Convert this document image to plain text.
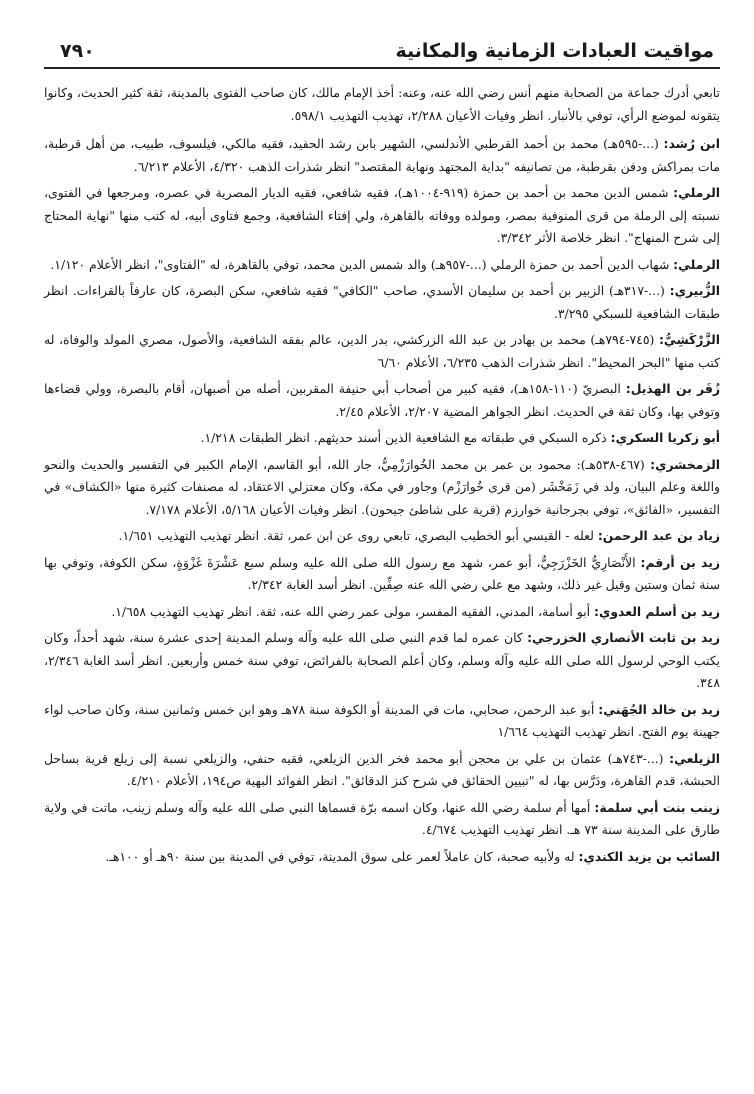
مواقيت العبادات الزمانية والمكانية
٧٩٠

تابعي أدرك جماعة من الصحابة منهم أنس رضي الله عنه، وعنه: أخذ الإمام مالك، كان صاحب الفتوى بالمدينة، ثقة كثير الحديث، وكانوا يتقونه لموضع الرأي، توفي بالأنبار. انظر وفيات الأعيان ٢/٢٨٨، تهذيب التهذيب ٥٩٨/١.

ابن رُشد: (...-٥٩٥هـ) محمد بن أحمد القرطبي الأندلسي، الشهير بابن رشد الحفيد، فقيه مالكي، فيلسوف، طبيب، من أهل قرطبة، مات بمراكش ودفن بقرطبة، من تصانيفه "بداية المجتهد ونهاية المقتصد" انظر شذرات الذهب ٤/٣٢٠، الأعلام ٦/٢١٣.

الرملي: شمس الدين محمد بن أحمد بن حمزة (٩١٩-١٠٠٤هـ)، فقيه شافعي، فقيه الديار المصرية في عصره، ومرجعها في الفتوى، نسبته إلى الرملة من قرى المنوفية بمصر، ومولده ووفاته بالقاهرة، ولي إفتاء الشافعية، وجمع فتاوى أبيه، له كتب منها "نهاية المحتاج إلى شرح المنهاج". انظر خلاصة الأثر ٣/٣٤٢.

الرملي: شهاب الدين أحمد بن حمزة الرملي (...-٩٥٧هـ) والد شمس الدين محمد، توفي بالقاهرة، له "الفتاوى"، انظر الأعلام ١/١٢٠.

الزُّبيري: (...-٣١٧هـ) الزبير بن أحمد بن سليمان الأسدي، صاحب "الكافي" فقيه شافعي، سكن البصرة، كان عارفاً بالقراءات. انظر طبقات الشافعية للسبكي ٣/٢٩٥.

الزَّرْكَشِيُّ: (٧٤٥-٧٩٤هـ) محمد بن بهادر بن عبد الله الزركشي، بدر الدين، عالم بفقه الشافعية، والأصول، مصري المولد والوفاة، له كتب منها "البحر المحيط". انظر شذرات الذهب ٦/٢٣٥، الأعلام ٦/٦٠

زُفَر بن الهذيل: البصريّ (١١٠-١٥٨هـ)، فقيه كبير من أصحاب أبي حنيفة المقربين، أصله من أصبهان، أقام بالبصرة، وولي قضاءها وتوفي بها، وكان ثقة في الحديث. انظر الجواهر المضية ٢/٢٠٧، الأعلام ٢/٤٥.

أبو زكريا السكري: ذكره السبكي في طبقاته مع الشافعية الذين أسند حديثهم. انظر الطبقات ١/٢١٨.

الزمخشري: (٤٦٧-٥٣٨هـ): محمود بن عمر بن محمد الخُوارَزْمِيُّ، جار الله، أبو القاسم، الإمام الكبير في التفسير والحديث والنحو واللغة وعلم البيان، ولد في زَمَخْشَر (من قرى خُوارَزْم) وجاور في مكة، وكان معتزلي الاعتقاد، له مصنفات كثيرة منها «الكشاف» في التفسير، «الفائق»، توفي بجرجانية خوارزم (قرية على شاطئ جيحون). انظر وفيات الأعيان ٥/١٦٨، الأعلام ٧/١٧٨.

زياد بن عبد الرحمن: لعله - القيسي أبو الخطيب البصري، تابعي روى عن ابن عمر، ثقة. انظر تهذيب التهذيب ١/٦٥١.

زيد بن أرقم: الأَنْصَارِيُّ الخَزْرَجِيُّ، أبو عمر، شهد مع رسول الله صلى الله عليه وسلم سبع عَشْرَةَ غَزْوَةٍ، سكن الكوفة، وتوفي بها سنة ثمان وستين وقيل غير ذلك، وشهد مع علي رضي الله عنه صِفِّين. انظر أسد الغابة ٢/٣٤٢.

زيد بن أسلم العدوي: أبو أسامة، المدني، الفقيه المفسر، مولى عمر رضي الله عنه، ثقة. انظر تهذيب التهذيب ١/٦٥٨.

زيد بن ثابت الأنصاري الخزرجي: كان عمره لما قدم النبي صلى الله عليه وآله وسلم المدينة إحدى عشرة سنة، شهد أحداً، وكان يكتب الوحي لرسول الله صلى الله عليه وآله وسلم، وكان أعلم الصحابة بالفرائض، توفي سنة خمس وأربعين. انظر أسد الغابة ٢/٣٤٦، ٣٤٨.

زيد بن خالد الجُهَني: أبو عبد الرحمن، صحابي، مات في المدينة أو الكوفة سنة ٧٨هـ وهو ابن خمس وثمانين سنة، وكان صاحب لواء جهينة يوم الفتح. انظر تهذيب التهذيب ١/٦٦٤

الزيلعي: (...-٧٤٣هـ) عثمان بن علي بن محجن أبو محمد فخر الدين الزيلعي، فقيه حنفي، والزيلعي نسبة إلى زيلع قرية بساحل الحبشة، قدم القاهرة، ودَرَّس بها، له "تبيين الحقائق في شرح كنز الدقائق". انظر الفوائد البهية ص١٩٤، الأعلام ٤/٢١٠.

زينب بنت أبي سلمة: أمها أم سلمة رضي الله عنها، وكان اسمه برّة فسماها النبي صلى الله عليه وآله وسلم زينب، ماتت في ولاية طارق على المدينة سنة ٧٣ هـ. انظر تهذيب التهذيب ٤/٦٧٤.

السائب بن يزيد الكندي: له ولأبيه صحبة، كان عاملاً لعمر على سوق المدينة، توفي في المدينة بين سنة ٩٠هـ أو ١٠٠هـ.
